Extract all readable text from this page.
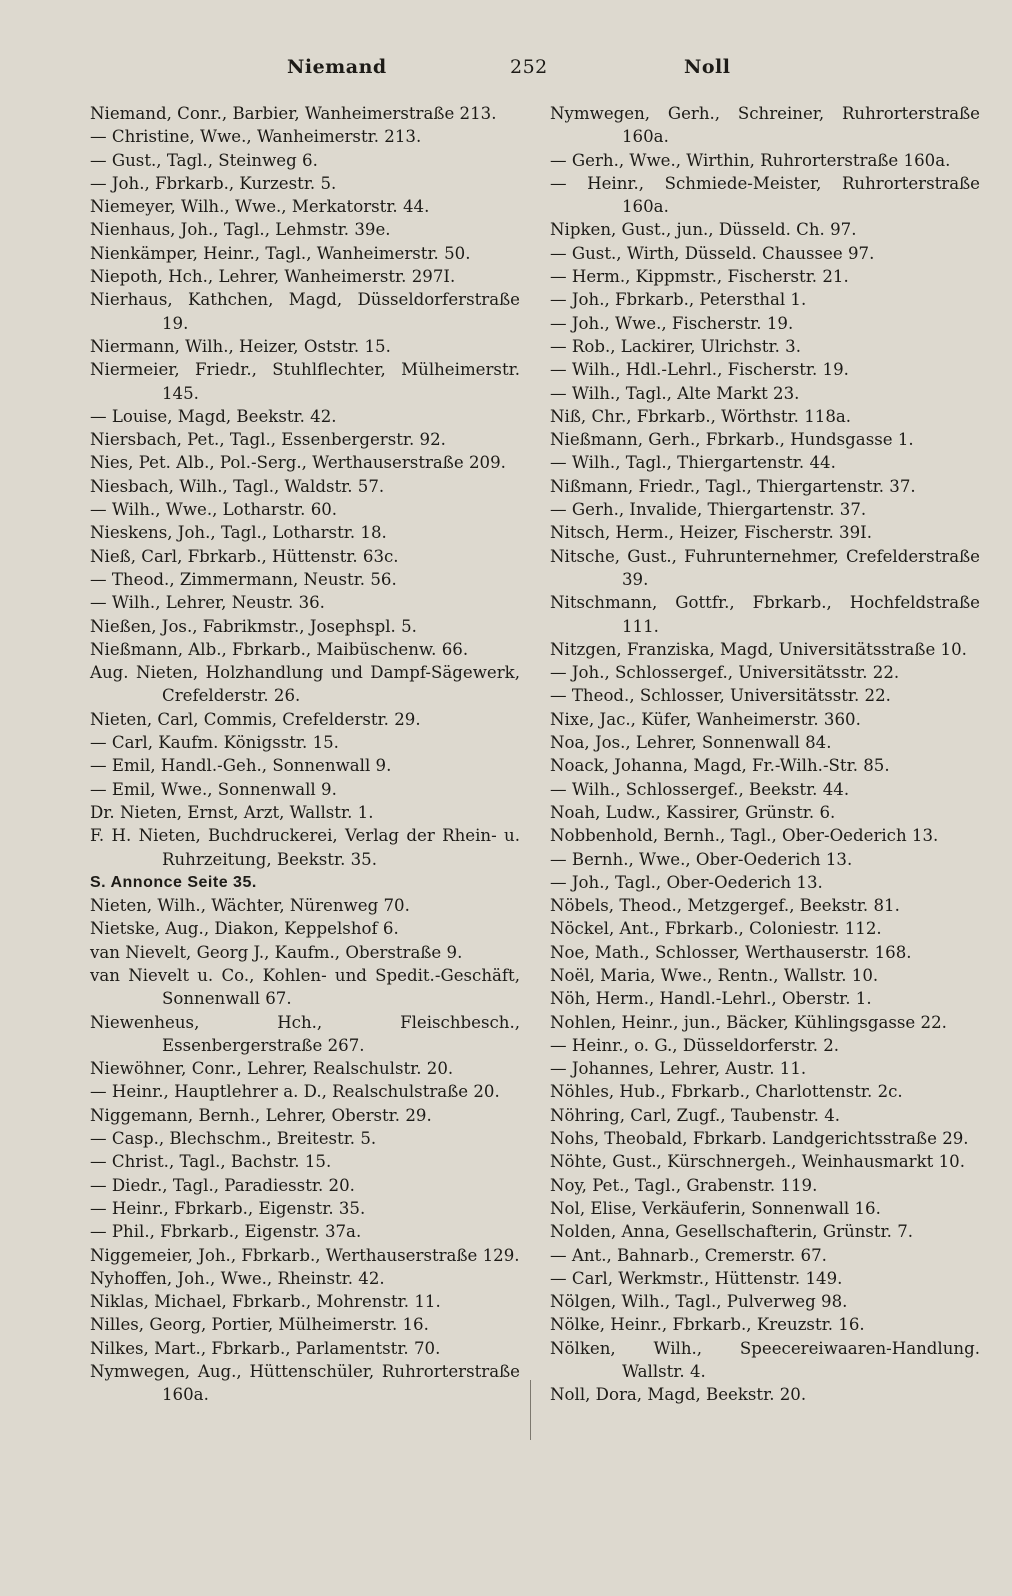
Niemand	252	Noll

Niemand, Conr., Barbier, Wanheimerstraße 213.

— Christine, Wwe., Wanheimerstr. 213.

— Gust., Tagl., Steinweg 6.

— Joh., Fbrkarb., Kurzestr. 5.

Niemeyer, Wilh., Wwe., Merkatorstr. 44.

Nienhaus, Joh., Tagl., Lehmstr. 39e.

Nienkämper, Heinr., Tagl., Wanheimerstr. 50.

Niepoth, Hch., Lehrer, Wanheimerstr. 297I.

Nierhaus, Kathchen, Magd, Düsseldorferstraße 19.

Niermann, Wilh., Heizer, Oststr. 15.

Niermeier, Friedr., Stuhlflechter, Mülheimerstr. 145.

— Louise, Magd, Beekstr. 42.

Niersbach, Pet., Tagl., Essenbergerstr. 92.

Nies, Pet. Alb., Pol.-Serg., Werthauserstraße 209.

Niesbach, Wilh., Tagl., Waldstr. 57.

— Wilh., Wwe., Lotharstr. 60.

Nieskens, Joh., Tagl., Lotharstr. 18.

Nieß, Carl, Fbrkarb., Hüttenstr. 63c.

— Theod., Zimmermann, Neustr. 56.

— Wilh., Lehrer, Neustr. 36.

Nießen, Jos., Fabrikmstr., Josephspl. 5.

Nießmann, Alb., Fbrkarb., Maibüschenw. 66.

Aug. Nieten, Holzhandlung und Dampf-Sägewerk, Crefelderstr. 26.

Nieten, Carl, Commis, Crefelderstr. 29.

— Carl, Kaufm. Königsstr. 15.

— Emil, Handl.-Geh., Sonnenwall 9.

— Emil, Wwe., Sonnenwall 9.

Dr. Nieten, Ernst, Arzt, Wallstr. 1.

F. H. Nieten, Buchdruckerei, Verlag der Rhein- u. Ruhrzeitung, Beekstr. 35.

S. Annonce Seite 35.

Nieten, Wilh., Wächter, Nürenweg 70.

Nietske, Aug., Diakon, Keppelshof 6.

van Nievelt, Georg J., Kaufm., Oberstraße 9.

van Nievelt u. Co., Kohlen- und Spedit.-Geschäft, Sonnenwall 67.

Niewenheus, Hch., Fleischbesch., Essenbergerstraße 267.

Niewöhner, Conr., Lehrer, Realschulstr. 20.

— Heinr., Hauptlehrer a. D., Realschulstraße 20.

Niggemann, Bernh., Lehrer, Oberstr. 29.

— Casp., Blechschm., Breitestr. 5.

— Christ., Tagl., Bachstr. 15.

— Diedr., Tagl., Paradiesstr. 20.

— Heinr., Fbrkarb., Eigenstr. 35.

— Phil., Fbrkarb., Eigenstr. 37a.

Niggemeier, Joh., Fbrkarb., Werthauserstraße 129.

Nyhoffen, Joh., Wwe., Rheinstr. 42.

Niklas, Michael, Fbrkarb., Mohrenstr. 11.

Nilles, Georg, Portier, Mülheimerstr. 16.

Nilkes, Mart., Fbrkarb., Parlamentstr. 70.

Nymwegen, Aug., Hüttenschüler, Ruhrorterstraße 160a.

Nymwegen, Gerh., Schreiner, Ruhrorterstraße 160a.

— Gerh., Wwe., Wirthin, Ruhrorterstraße 160a.

— Heinr., Schmiede-Meister, Ruhrorterstraße 160a.

Nipken, Gust., jun., Düsseld. Ch. 97.

— Gust., Wirth, Düsseld. Chaussee 97.

— Herm., Kippmstr., Fischerstr. 21.

— Joh., Fbrkarb., Petersthal 1.

— Joh., Wwe., Fischerstr. 19.

— Rob., Lackirer, Ulrichstr. 3.

— Wilh., Hdl.-Lehrl., Fischerstr. 19.

— Wilh., Tagl., Alte Markt 23.

Niß, Chr., Fbrkarb., Wörthstr. 118a.

Nießmann, Gerh., Fbrkarb., Hundsgasse 1.

— Wilh., Tagl., Thiergartenstr. 44.

Nißmann, Friedr., Tagl., Thiergartenstr. 37.

— Gerh., Invalide, Thiergartenstr. 37.

Nitsch, Herm., Heizer, Fischerstr. 39I.

Nitsche, Gust., Fuhrunternehmer, Crefelderstraße 39.

Nitschmann, Gottfr., Fbrkarb., Hochfeldstraße 111.

Nitzgen, Franziska, Magd, Universitätsstraße 10.

— Joh., Schlossergef., Universitätsstr. 22.

— Theod., Schlosser, Universitätsstr. 22.

Nixe, Jac., Küfer, Wanheimerstr. 360.

Noa, Jos., Lehrer, Sonnenwall 84.

Noack, Johanna, Magd, Fr.-Wilh.-Str. 85.

— Wilh., Schlossergef., Beekstr. 44.

Noah, Ludw., Kassirer, Grünstr. 6.

Nobbenhold, Bernh., Tagl., Ober-Oederich 13.

— Bernh., Wwe., Ober-Oederich 13.

— Joh., Tagl., Ober-Oederich 13.

Nöbels, Theod., Metzgergef., Beekstr. 81.

Nöckel, Ant., Fbrkarb., Coloniestr. 112.

Noe, Math., Schlosser, Werthauserstr. 168.

Noël, Maria, Wwe., Rentn., Wallstr. 10.

Nöh, Herm., Handl.-Lehrl., Oberstr. 1.

Nohlen, Heinr., jun., Bäcker, Kühlingsgasse 22.

— Heinr., o. G., Düsseldorferstr. 2.

— Johannes, Lehrer, Austr. 11.

Nöhles, Hub., Fbrkarb., Charlottenstr. 2c.

Nöhring, Carl, Zugf., Taubenstr. 4.

Nohs, Theobald, Fbrkarb. Landgerichtsstraße 29.

Nöhte, Gust., Kürschnergeh., Weinhausmarkt 10.

Noy, Pet., Tagl., Grabenstr. 119.

Nol, Elise, Verkäuferin, Sonnenwall 16.

Nolden, Anna, Gesellschafterin, Grünstr. 7.

— Ant., Bahnarb., Cremerstr. 67.

— Carl, Werkmstr., Hüttenstr. 149.

Nölgen, Wilh., Tagl., Pulverweg 98.

Nölke, Heinr., Fbrkarb., Kreuzstr. 16.

Nölken, Wilh., Speecereiwaaren-Handlung. Wallstr. 4.

Noll, Dora, Magd, Beekstr. 20.
